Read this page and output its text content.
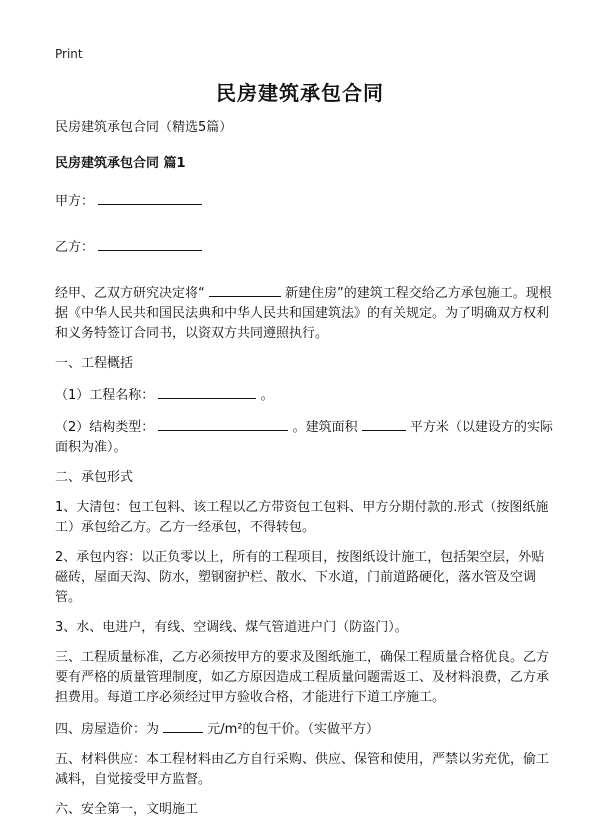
Print
民房建筑承包合同
民房建筑承包合同（精选5篇）
民房建筑承包合同 篇1
甲方：
乙方：
经甲、乙双方研究决定将“	新建住房”的建筑工程交给乙方承包施工。现根据《中华人民共和国民法典和中华人民共和国建筑法》的有关规定。为了明确双方权利和义务特签订合同书，以资双方共同遵照执行。
一、工程概括
（1）工程名称：	。
（2）结构类型：	。建筑面积	平方米（以建设方的实际面积为准）。
二、承包形式
1、大清包：包工包料、该工程以乙方带资包工包料、甲方分期付款的.形式（按图纸施工）承包给乙方。乙方一经承包，不得转包。
2、承包内容：以正负零以上，所有的工程项目，按图纸设计施工，包括架空层，外贴磁砖，屋面天沟、防水，塑钢窗护栏、散水、下水道，门前道路硬化，落水管及空调管。
3、水、电进户，有线、空调线、煤气管道进户门（防盗门）。
三、工程质量标准，乙方必须按甲方的要求及图纸施工，确保工程质量合格优良。乙方要有严格的质量管理制度，如乙方原因造成工程质量问题需返工、及材料浪费，乙方承担费用。每道工序必须经过甲方验收合格，才能进行下道工序施工。
四、房屋造价：为	元/m²的包干价。（实做平方）
五、材料供应：本工程材料由乙方自行采购、供应、保管和使用，严禁以劣充优，偷工减料，自觉接受甲方监督。
六、安全第一，文明施工
